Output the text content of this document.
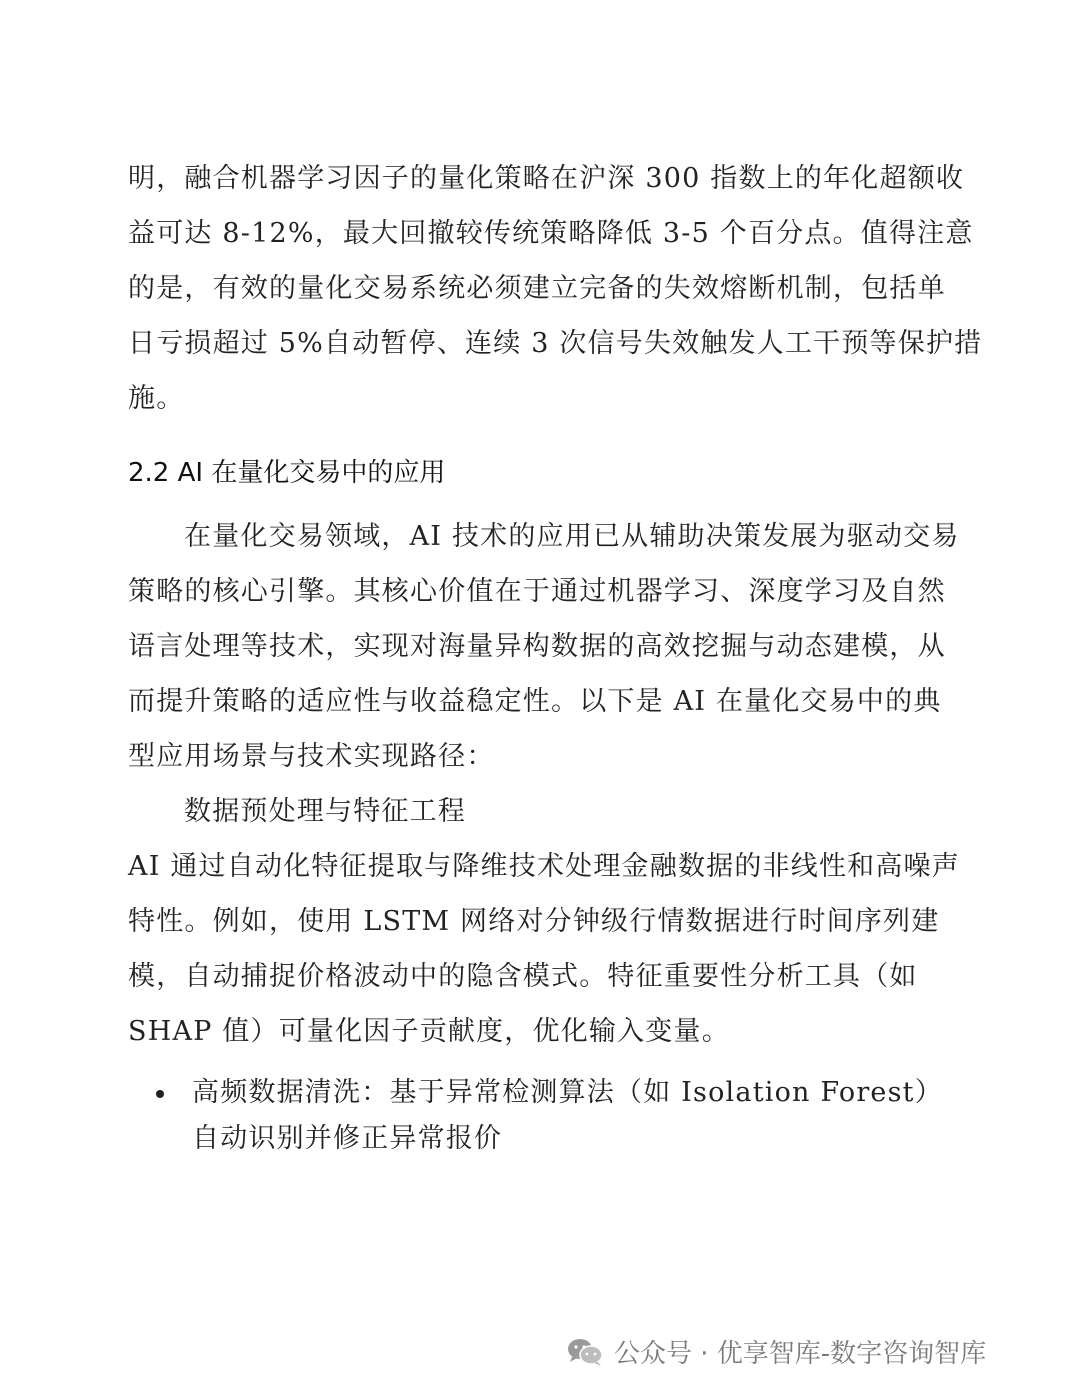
明，融合机器学习因子的量化策略在沪深 300 指数上的年化超额收
益可达 8-12%，最大回撤较传统策略降低 3-5 个百分点。值得注意
的是，有效的量化交易系统必须建立完备的失效熔断机制，包括单
日亏损超过 5%自动暂停、连续 3 次信号失效触发人工干预等保护措
施。
2.2 AI 在量化交易中的应用
在量化交易领域，AI 技术的应用已从辅助决策发展为驱动交易
策略的核心引擎。其核心价值在于通过机器学习、深度学习及自然
语言处理等技术，实现对海量异构数据的高效挖掘与动态建模，从
而提升策略的适应性与收益稳定性。以下是 AI 在量化交易中的典
型应用场景与技术实现路径：
数据预处理与特征工程
AI 通过自动化特征提取与降维技术处理金融数据的非线性和高噪声
特性。例如，使用 LSTM 网络对分钟级行情数据进行时间序列建
模，自动捕捉价格波动中的隐含模式。特征重要性分析工具（如
SHAP 值）可量化因子贡献度，优化输入变量。
高频数据清洗：基于异常检测算法（如 Isolation Forest）
自动识别并修正异常报价
公众号 · 优享智库-数字咨询智库
